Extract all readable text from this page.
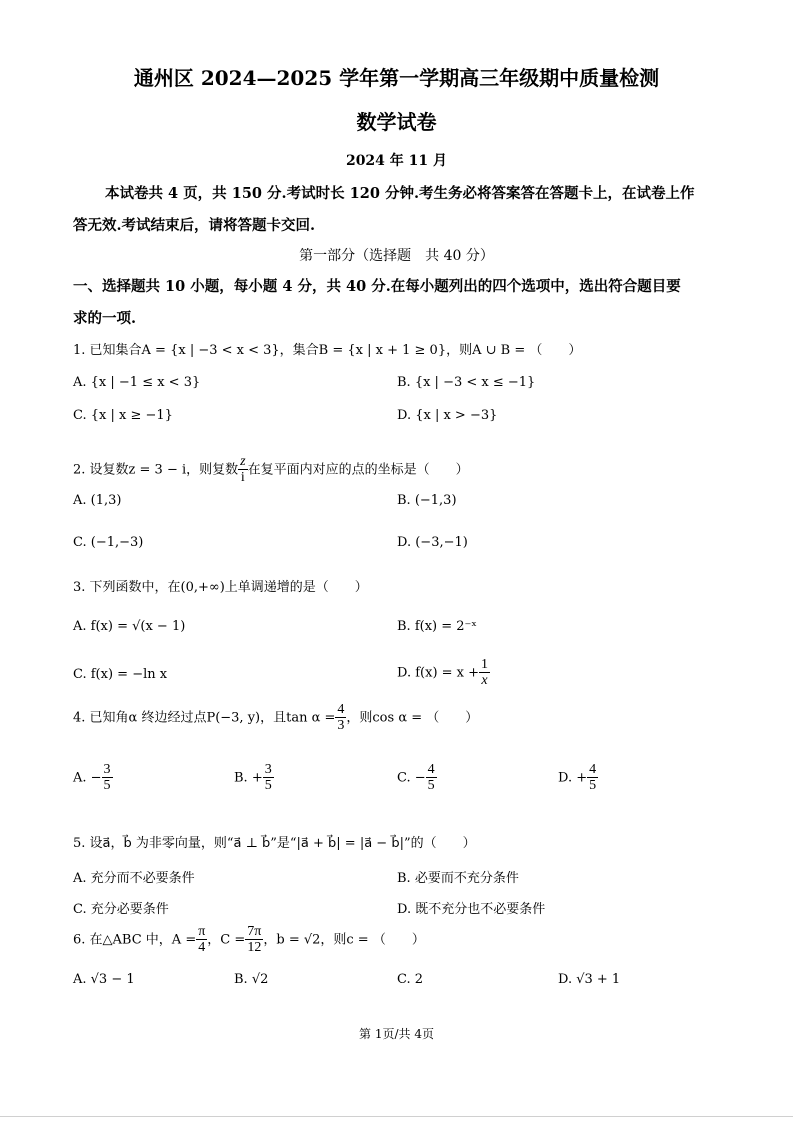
通州区 2024—2025 学年第一学期高三年级期中质量检测
数学试卷
2024 年 11 月
本试卷共 4 页，共 150 分.考试时长 120 分钟.考生务必将答案答在答题卡上，在试卷上作
答无效.考试结束后，请将答题卡交回.
第一部分（选择题　共 40 分）
一、选择题共 10 小题，每小题 4 分，共 40 分.在每小题列出的四个选项中，选出符合题目要
求的一项.
1. 已知集合A = {x | −3 < x < 3}，集合B = {x | x + 1 ≥ 0}，则A ∪ B = （　　）
A. {x | −1 ≤ x < 3}	B. {x | −3 < x ≤ −1}
C. {x | x ≥ −1}	D. {x | x > −3}
2. 设复数z = 3 − i，则复数 $\frac{z}{i}$ 在复平面内对应的点的坐标是（　　）
A. (1,3)	B. (−1,3)
C. (−1,−3)	D. (−3,−1)
3. 下列函数中，在(0,+∞)上单调递增的是（　　）
A. f(x) = √(x − 1)	B. f(x) = 2⁻ˣ
C. f(x) = −ln x	D. $f(x) = x + \frac{1}{x}$
4. 已知角α 终边经过点P(−3, y)，且$\tan \alpha = \frac{4}{3}$ ，则cos α = （　　）
A. − $\frac{3}{5}$	B. + $\frac{3}{5}$	C. − $\frac{4}{5}$	D. + $\frac{4}{5}$
5. 设a⃗，b⃗ 为非零向量，则“a⃗ ⊥ b⃗”是“|a⃗ + b⃗| = |a⃗ − b⃗|”的（　　）
A. 充分而不必要条件	B. 必要而不充分条件
C. 充分必要条件	D. 既不充分也不必要条件
6. 在△ABC 中，$A = \frac{\pi}{4}$ ，$C = \frac{7\pi}{12}$ ，b = √2，则c = （　　）
A. √3 − 1	B. √2	C. 2	D. √3 + 1
第 1页/共 4页
